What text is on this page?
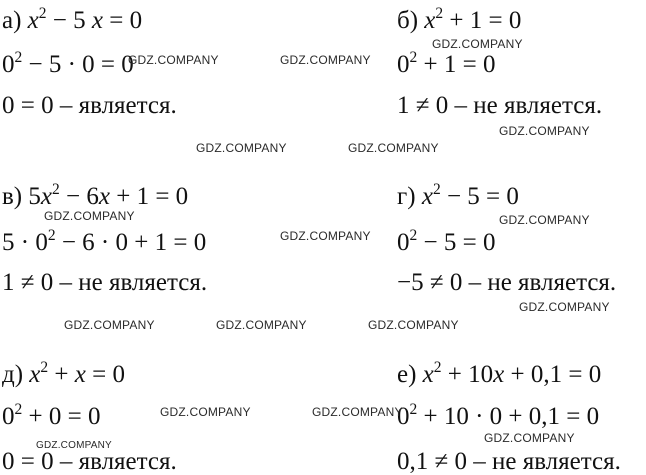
а) $x^2 - 5$ x = 0
$0^2 - 5 \cdot 0 = 0$
0 = 0 – является.
б) $x^2 + 1 = 0$
$0^2 + 1 = 0$
1 ≠ 0 – не является.
в) $5x^2 - 6x + 1 = 0$
$5 \cdot 0^2 - 6 \cdot 0 + 1 = 0$
1 ≠ 0 – не является.
г) $x^2 - 5 = 0$
$0^2 - 5 = 0$
−5 ≠ 0 – не является.
д) $x^2 + x = 0$
$0^2 + 0 = 0$
0 = 0 – является.
е) $x^2 + 10x + 0,1 = 0$
$0^2 + 10 \cdot 0 + 0,1 = 0$
0,1 ≠ 0 – не является.
GDZ.COMPANY	GDZ.COMPANY
GDZ.COMPANY
GDZ.COMPANY
GDZ.COMPANY	GDZ.COMPANY
GDZ.COMPANY	GDZ.COMPANY
GDZ.COMPANY
GDZ.COMPANY
GDZ.COMPANY	GDZ.COMPANY	GDZ.COMPANY
GDZ.COMPANY	GDZ.COMPANY
GDZ.COMPANY
GDZ.COMPANY
